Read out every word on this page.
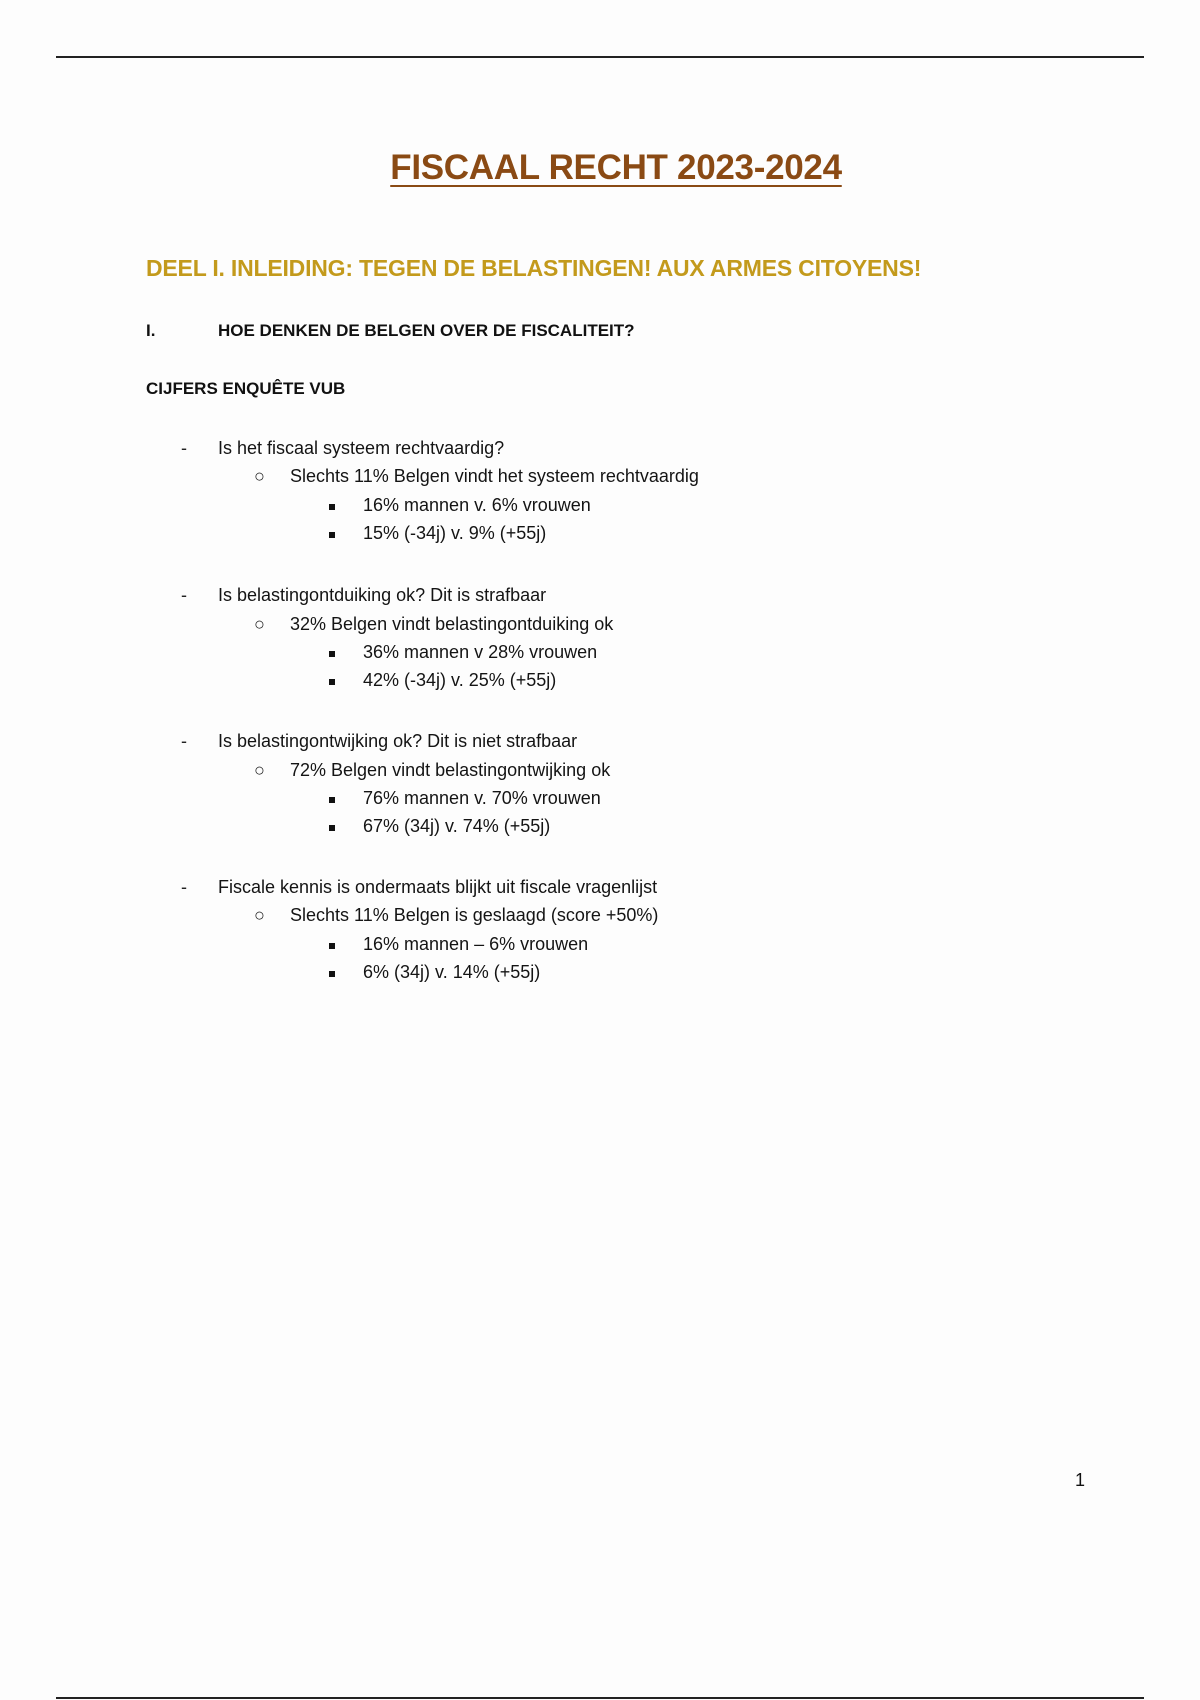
FISCAAL RECHT 2023-2024
DEEL I. INLEIDING: TEGEN DE BELASTINGEN! AUX ARMES CITOYENS!
I.	HOE DENKEN DE BELGEN OVER DE FISCALITEIT?
CIJFERS ENQUÊTE VUB
- Is het fiscaal systeem rechtvaardig?
○ Slechts 11% Belgen vindt het systeem rechtvaardig
16% mannen v. 6% vrouwen
15% (-34j) v. 9% (+55j)
- Is belastingontduiking ok? Dit is strafbaar
○ 32% Belgen vindt belastingontduiking ok
36% mannen v 28% vrouwen
42% (-34j) v. 25% (+55j)
- Is belastingontwijking ok? Dit is niet strafbaar
○ 72% Belgen vindt belastingontwijking ok
76% mannen v. 70% vrouwen
67% (34j) v. 74% (+55j)
- Fiscale kennis is ondermaats blijkt uit fiscale vragenlijst
○ Slechts 11% Belgen is geslaagd (score +50%)
16% mannen – 6% vrouwen
6% (34j) v. 14% (+55j)
1
